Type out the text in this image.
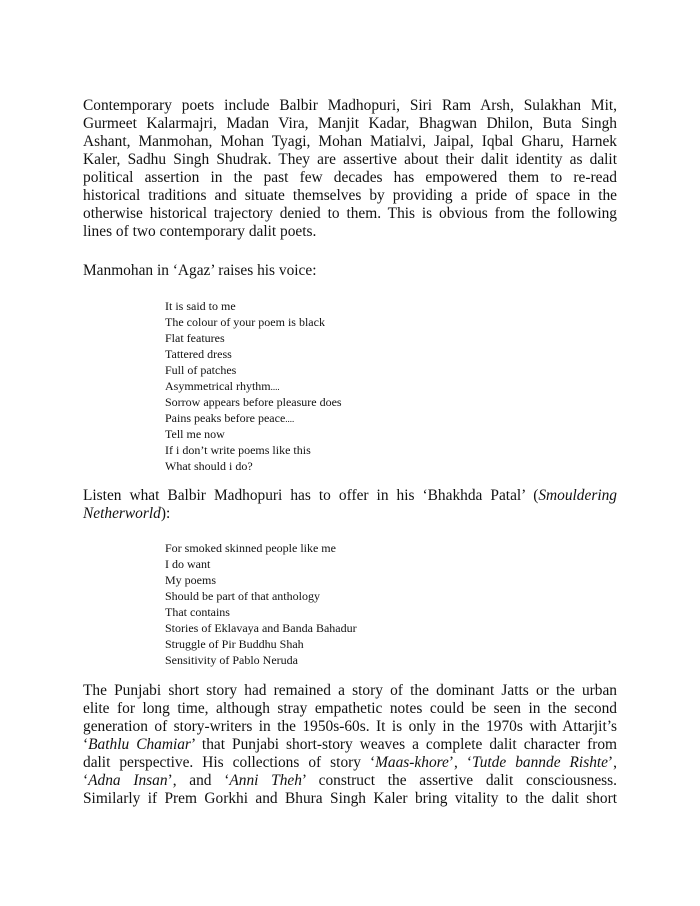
Contemporary poets include Balbir Madhopuri, Siri Ram Arsh, Sulakhan Mit,
Gurmeet Kalarmajri, Madan Vira, Manjit Kadar, Bhagwan Dhilon, Buta Singh
Ashant, Manmohan, Mohan Tyagi, Mohan Matialvi, Jaipal, Iqbal Gharu, Harnek
Kaler, Sadhu Singh Shudrak. They are assertive about their dalit identity as dalit
political assertion in the past few decades has empowered them to re-read
historical traditions and situate themselves by providing a pride of space in the
otherwise historical trajectory denied to them. This is obvious from the following
lines of two contemporary dalit poets.

Manmohan in ‘Agaz’ raises his voice:

It is said to me
The colour of your poem is black
Flat features
Tattered dress
Full of patches
Asymmetrical rhythm....
Sorrow appears before pleasure does
Pains peaks before peace....
Tell me now
If i don’t write poems like this
What should i do?

Listen what Balbir Madhopuri has to offer in his ‘Bhakhda Patal’ (Smouldering
Netherworld):

For smoked skinned people like me
I do want
My poems
Should be part of that anthology
That contains
Stories of Eklavaya and Banda Bahadur
Struggle of Pir Buddhu Shah
Sensitivity of Pablo Neruda

The Punjabi short story had remained a story of the dominant Jatts or the urban
elite for long time, although stray empathetic notes could be seen in the second
generation of story-writers in the 1950s-60s. It is only in the 1970s with Attarjit’s
‘Bathlu Chamiar’ that Punjabi short-story weaves a complete dalit character from
dalit perspective. His collections of story ‘Maas-khore’, ‘Tutde bannde Rishte’,
‘Adna Insan’, and ‘Anni Theh’ construct the assertive dalit consciousness.
Similarly if Prem Gorkhi and Bhura Singh Kaler bring vitality to the dalit short
